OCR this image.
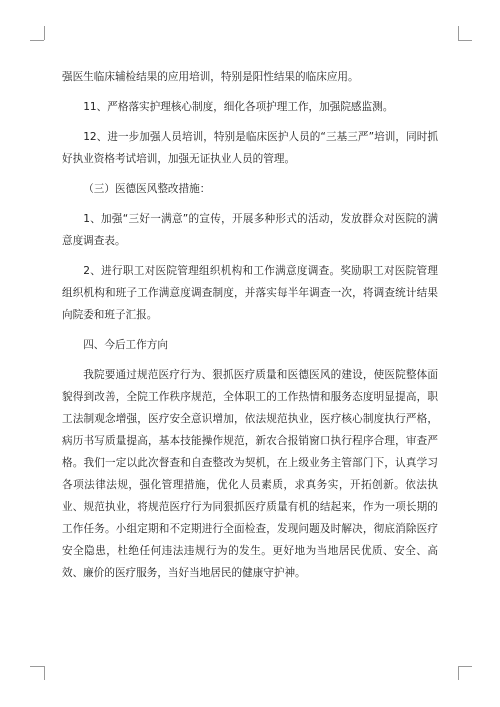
强医生临床辅检结果的应用培训，特别是阳性结果的临床应用。

11、严格落实护理核心制度，细化各项护理工作，加强院感监测。

12、进一步加强人员培训，特别是临床医护人员的“三基三严”培训，同时抓好执业资格考试培训，加强无证执业人员的管理。

（三）医德医风整改措施：

1、加强“三好一满意”的宣传，开展多种形式的活动，发放群众对医院的满意度调查表。

2、进行职工对医院管理组织机构和工作满意度调查。奖励职工对医院管理组织机构和班子工作满意度调查制度，并落实每半年调查一次，将调查统计结果向院委和班子汇报。

四、今后工作方向

我院要通过规范医疗行为、狠抓医疗质量和医德医风的建设，使医院整体面貌得到改善，全院工作秩序规范，全体职工的工作热情和服务态度明显提高，职工法制观念增强，医疗安全意识增加，依法规范执业，医疗核心制度执行严格，病历书写质量提高，基本技能操作规范，新农合报销窗口执行程序合理，审查严格。我们一定以此次督查和自查整改为契机，在上级业务主管部门下，认真学习各项法律法规，强化管理措施，优化人员素质，求真务实，开拓创新。依法执业、规范执业，将规范医疗行为同狠抓医疗质量有机的结起来，作为一项长期的工作任务。小组定期和不定期进行全面检查，发现问题及时解决，彻底消除医疗安全隐患，杜绝任何违法违规行为的发生。更好地为当地居民优质、安全、高效、廉价的医疗服务，当好当地居民的健康守护神。
